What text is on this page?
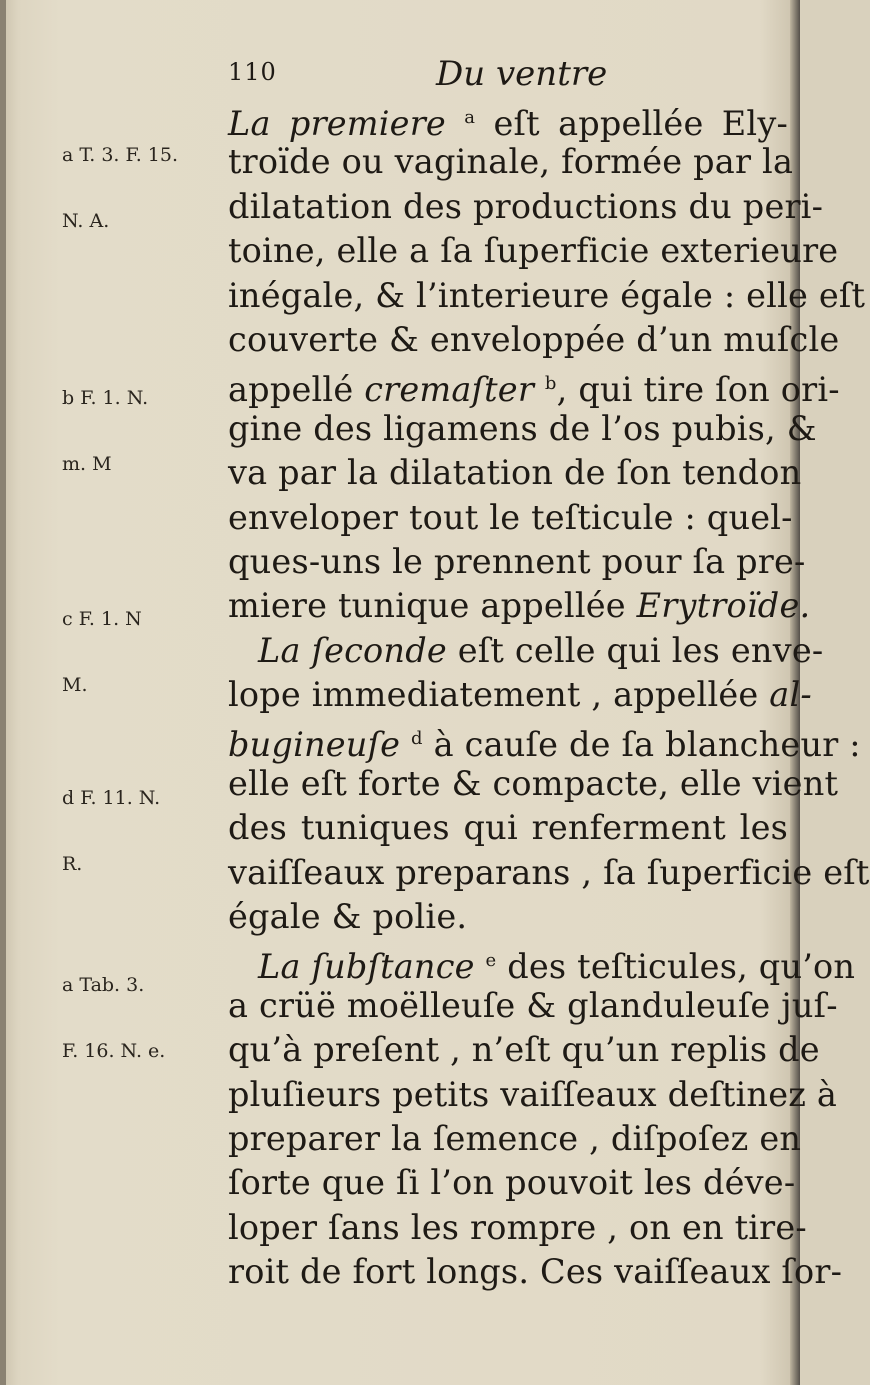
110	Du ventre

a T. 3. F. 15.

N. A.

b F. 1. N.

m. M

c F. 1. N

M.

d F. 11. N.

R.

a Tab. 3.

F. 16. N. e.

La premiere $^a$ eſt appellée Ely-
troïde ou vaginale, formée par la
dilatation des productions du peri-
toine, elle a ſa ſuperficie exterieure
inégale, & l’interieure égale : elle eſt
couverte & enveloppée d’un muſcle
appellé cremaſter $^b$, qui tire ſon ori-
gine des ligamens de l’os pubis, &
va par la dilatation de ſon tendon
enveloper tout le teſticule : quel-
ques-uns le prennent pour ſa pre-
miere tunique appellée Erytroïde.
La ſeconde eſt celle qui les enve-
lope immediatement , appellée al-
bugineuſe $^d$ à cauſe de ſa blancheur :
elle eſt forte & compacte, elle vient
des tuniques qui renferment les
vaiſſeaux preparans , ſa ſuperficie eſt
égale & polie.
La ſubſtance $^e$ des teſticules, qu’on
a crüë moëlleuſe & glanduleuſe juſ-
qu’à preſent , n’eſt qu’un replis de
pluſieurs petits vaiſſeaux deſtinez à
preparer la ſemence , diſpoſez en
ſorte que ſi l’on pouvoit les déve-
loper ſans les rompre , on en tire-
roit de fort longs. Ces vaiſſeaux ſor-
